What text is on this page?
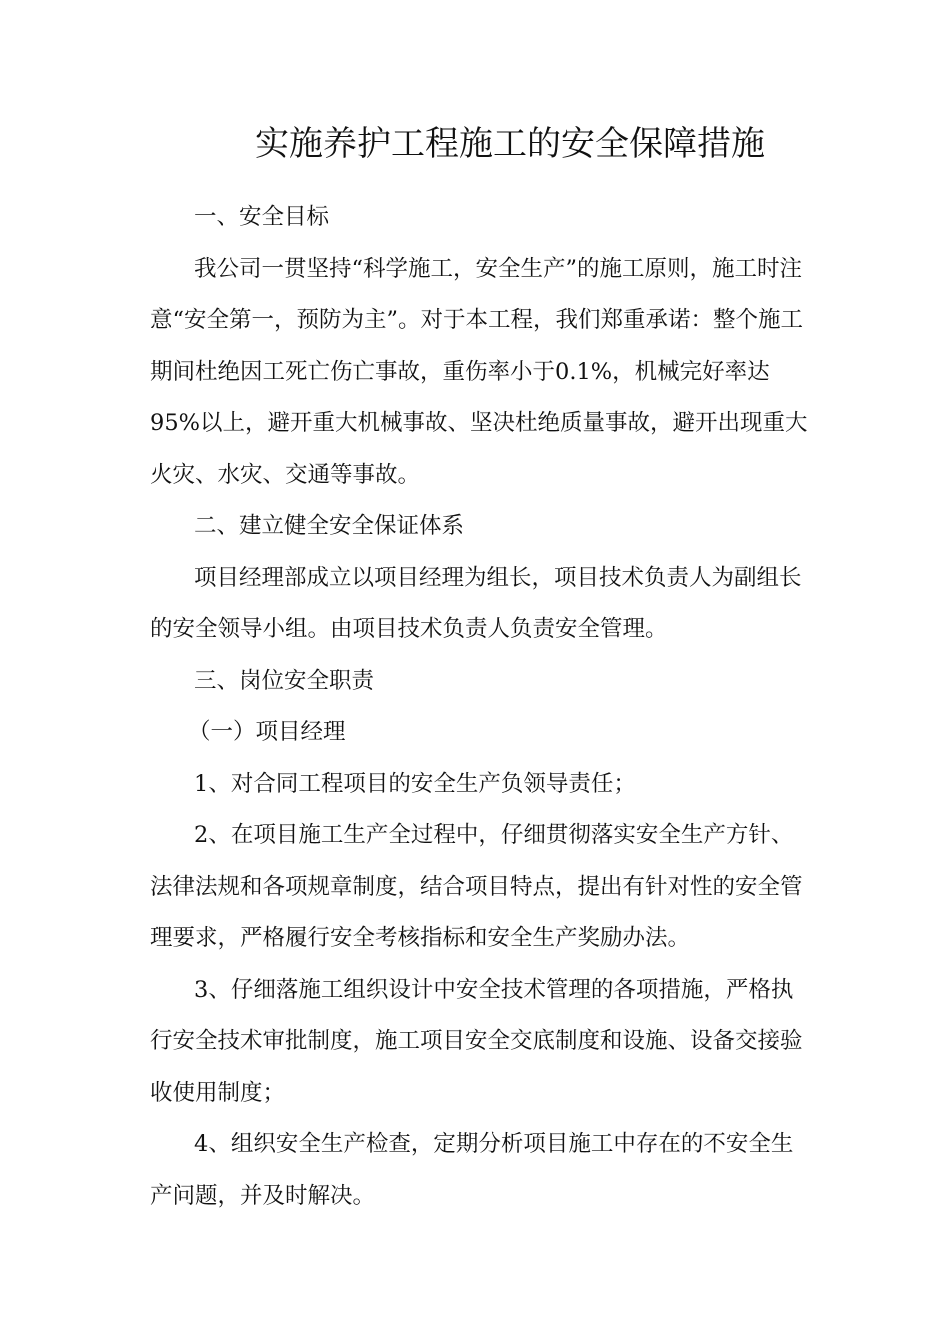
实施养护工程施工的安全保障措施
一、安全目标
我公司一贯坚持“科学施工，安全生产”的施工原则，施工时注
意“安全第一，预防为主”。对于本工程，我们郑重承诺：整个施工
期间杜绝因工死亡伤亡事故，重伤率小于0.1%，机械完好率达
95%以上，避开重大机械事故、坚决杜绝质量事故，避开出现重大
火灾、水灾、交通等事故。
二、建立健全安全保证体系
项目经理部成立以项目经理为组长，项目技术负责人为副组长
的安全领导小组。由项目技术负责人负责安全管理。
三、岗位安全职责
（一）项目经理
1、对合同工程项目的安全生产负领导责任；
2、在项目施工生产全过程中，仔细贯彻落实安全生产方针、
法律法规和各项规章制度，结合项目特点，提出有针对性的安全管
理要求，严格履行安全考核指标和安全生产奖励办法。
3、仔细落施工组织设计中安全技术管理的各项措施，严格执
行安全技术审批制度，施工项目安全交底制度和设施、设备交接验
收使用制度；
4、组织安全生产检查，定期分析项目施工中存在的不安全生
产问题，并及时解决。
